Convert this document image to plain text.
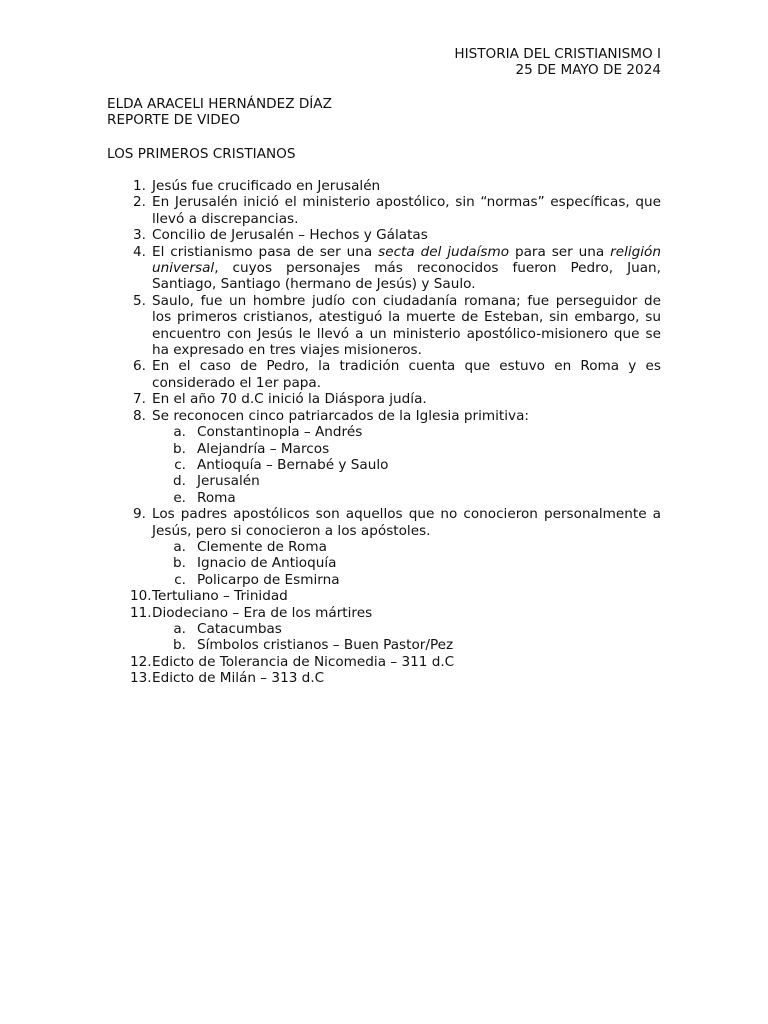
HISTORIA DEL CRISTIANISMO I
25 DE MAYO DE 2024
ELDA ARACELI HERNÁNDEZ DÍAZ
REPORTE DE VIDEO
LOS PRIMEROS CRISTIANOS
1. Jesús fue crucificado en Jerusalén
2. En Jerusalén inició el ministerio apostólico, sin “normas” específicas, que llevó a discrepancias.
3. Concilio de Jerusalén – Hechos y Gálatas
4. El cristianismo pasa de ser una secta del judaísmo para ser una religión universal, cuyos personajes más reconocidos fueron Pedro, Juan, Santiago, Santiago (hermano de Jesús) y Saulo.
5. Saulo, fue un hombre judío con ciudadanía romana; fue perseguidor de los primeros cristianos, atestiguó la muerte de Esteban, sin embargo, su encuentro con Jesús le llevó a un ministerio apostólico-misionero que se ha expresado en tres viajes misioneros.
6. En el caso de Pedro, la tradición cuenta que estuvo en Roma y es considerado el 1er papa.
7. En el año 70 d.C inició la Diáspora judía.
8. Se reconocen cinco patriarcados de la Iglesia primitiva:
a. Constantinopla – Andrés
b. Alejandría – Marcos
c. Antioquía – Bernabé y Saulo
d. Jerusalén
e. Roma
9. Los padres apostólicos son aquellos que no conocieron personalmente a Jesús, pero si conocieron a los apóstoles.
a. Clemente de Roma
b. Ignacio de Antioquía
c. Policarpo de Esmirna
10. Tertuliano – Trinidad
11. Diodeciano – Era de los mártires
a. Catacumbas
b. Símbolos cristianos – Buen Pastor/Pez
12. Edicto de Tolerancia de Nicomedia – 311 d.C
13. Edicto de Milán – 313 d.C
